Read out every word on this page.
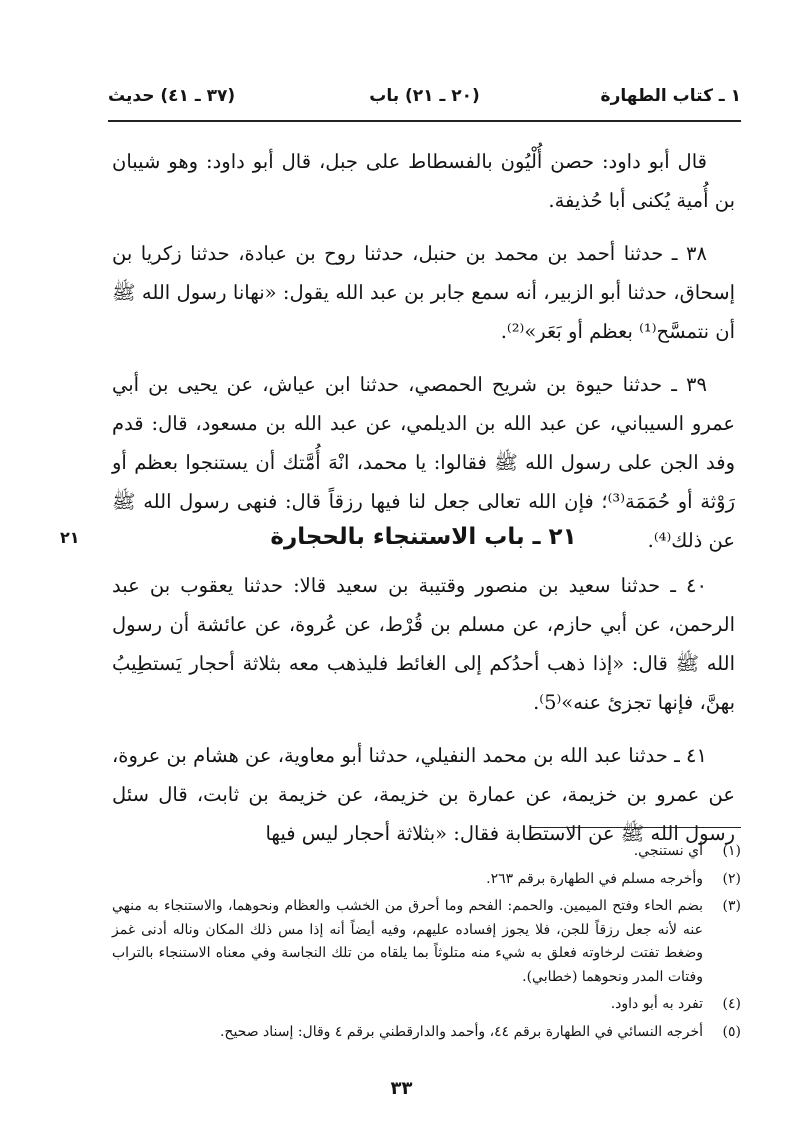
١ ـ كتاب الطهارة
(٢٠ ـ ٢١) باب
(٣٧ ـ ٤١) حديث

قال أبو داود: حصن أُلْيُون بالفسطاط على جبل، قال أبو داود: وهو شيبان بن أُمية يُكنى أبا حُذيفة.

٣٨ ـ حدثنا أحمد بن محمد بن حنبل، حدثنا روح بن عبادة، حدثنا زكريا بن إسحاق، حدثنا أبو الزبير، أنه سمع جابر بن عبد الله يقول: «نهانا رسول الله ﷺ أن نتمسَّح⁽¹⁾ بعظم أو بَعَر»⁽²⁾.

٣٩ ـ حدثنا حيوة بن شريح الحمصي، حدثنا ابن عياش، عن يحيى بن أبي عمرو السيباني، عن عبد الله بن الديلمي، عن عبد الله بن مسعود، قال: قدم وفد الجن على رسول الله ﷺ فقالوا: يا محمد، انْهَ أُمَّتك أن يستنجوا بعظم أو رَوْثة أو حُمَمَة⁽³⁾؛ فإن الله تعالى جعل لنا فيها رزقاً قال: فنهى رسول الله ﷺ عن ذلك⁽⁴⁾.

٢١	٢١ ـ باب الاستنجاء بالحجارة

٤٠ ـ حدثنا سعيد بن منصور وقتيبة بن سعيد قالا: حدثنا يعقوب بن عبد الرحمن، عن أبي حازم، عن مسلم بن قُرْط، عن عُروة، عن عائشة أن رسول الله ﷺ قال: «إذا ذهب أحدُكم إلى الغائط فليذهب معه بثلاثة أحجار يَستطِيبُ بهنَّ، فإنها تجزئ عنه»⁽5⁾.

٤١ ـ حدثنا عبد الله بن محمد النفيلي، حدثنا أبو معاوية، عن هشام بن عروة، عن عمرو بن خزيمة، عن عمارة بن خزيمة، عن خزيمة بن ثابت، قال سئل رسول الله ﷺ عن الاستطابة فقال: «بثلاثة أحجار ليس فيها

(١)
أي نستنجي.
(٢)
وأخرجه مسلم في الطهارة برقم ٢٦٣.
(٣)
بضم الحاء وفتح الميمين. والحمم: الفحم وما أحرق من الخشب والعظام ونحوهما، والاستنجاء به منهي عنه لأنه جعل رزقاً للجن، فلا يجوز إفساده عليهم، وفيه أيضاً أنه إذا مس ذلك المكان وناله أدنى غمز وضغط تفتت لرخاوته فعلق به شيء منه متلوثاً بما يلقاه من تلك النجاسة وفي معناه الاستنجاء بالتراب وفتات المدر ونحوهما (خطابي).
(٤)
تفرد به أبو داود.
(٥)
أخرجه النسائي في الطهارة برقم ٤٤، وأحمد والدارقطني برقم ٤ وقال: إسناد صحيح.
٣٣
